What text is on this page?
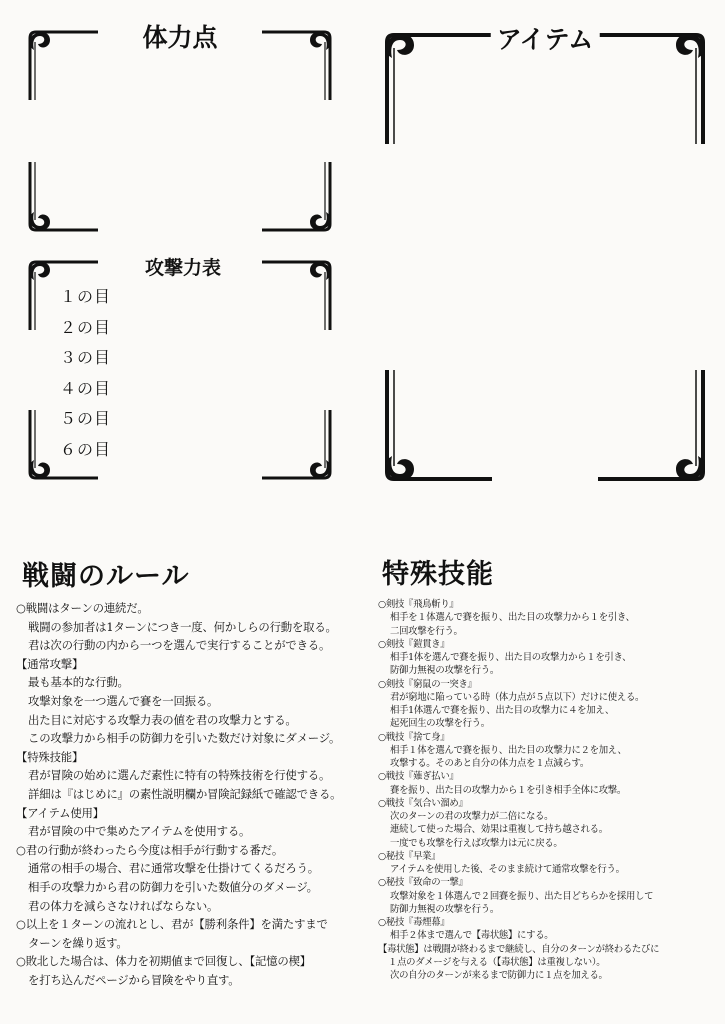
体力点
攻撃力表
１の目
２の目
３の目
４の目
５の目
６の目
アイテム
戦闘のルール
○戦闘はターンの連続だ。
戦闘の参加者は1ターンにつき一度、何かしらの行動を取る。
君は次の行動の内から一つを選んで実行することができる。
【通常攻撃】
最も基本的な行動。
攻撃対象を一つ選んで賽を一回振る。
出た目に対応する攻撃力表の値を君の攻撃力とする。
この攻撃力から相手の防御力を引いた数だけ対象にダメージ。
【特殊技能】
君が冒険の始めに選んだ素性に特有の特殊技術を行使する。
詳細は『はじめに』の素性説明欄か冒険記録紙で確認できる。
【アイテム使用】
君が冒険の中で集めたアイテムを使用する。
○君の行動が終わったら今度は相手が行動する番だ。
通常の相手の場合、君に通常攻撃を仕掛けてくるだろう。
相手の攻撃力から君の防御力を引いた数値分のダメージ。
君の体力を減らさなければならない。
○以上を１ターンの流れとし、君が【勝利条件】を満たすまで
ターンを繰り返す。
○敗北した場合は、体力を初期値まで回復し、【記憶の楔】
を打ち込んだページから冒険をやり直す。
特殊技能
○剣技『飛鳥斬り』
相手を１体選んで賽を振り、出た目の攻撃力から１を引き、
二回攻撃を行う。
○剣技『鎧貫き』
相手1体を選んで賽を振り、出た目の攻撃力から１を引き、
防御力無視の攻撃を行う。
○剣技『窮鼠の一突き』
君が窮地に陥っている時（体力点が５点以下）だけに使える。
相手1体選んで賽を振り、出た目の攻撃力に４を加え、
起死回生の攻撃を行う。
○戦技『捨て身』
相手１体を選んで賽を振り、出た目の攻撃力に２を加え、
攻撃する。そのあと自分の体力点を１点減らす。
○戦技『薙ぎ払い』
賽を振り、出た目の攻撃力から１を引き相手全体に攻撃。
○戦技『気合い溜め』
次のターンの君の攻撃力が二倍になる。
連続して使った場合、効果は重複して持ち越される。
一度でも攻撃を行えば攻撃力は元に戻る。
○秘技『早業』
アイテムを使用した後、そのまま続けて通常攻撃を行う。
○秘技『致命の一撃』
攻撃対象を１体選んで２回賽を振り、出た目どちらかを採用して
防御力無視の攻撃を行う。
○秘技『毒煙幕』
相手２体まで選んで【毒状態】にする。
【毒状態】は戦闘が終わるまで継続し、自分のターンが終わるたびに
１点のダメージを与える（【毒状態】は重複しない）。
次の自分のターンが来るまで防御力に１点を加える。
